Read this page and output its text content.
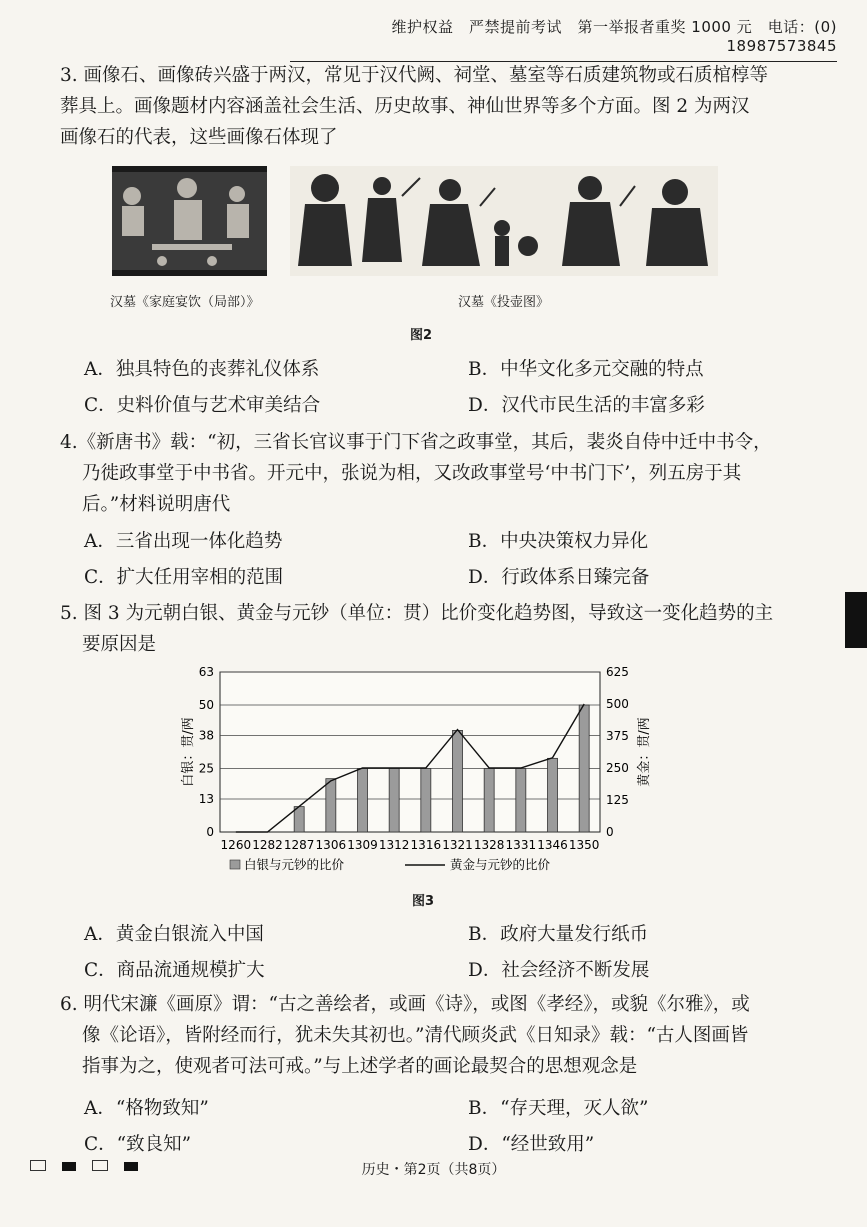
维护权益　严禁提前考试　第一举报者重奖 1000 元　电话：(0) 18987573845
3. 画像石、画像砖兴盛于两汉，常见于汉代阙、祠堂、墓室等石质建筑物或石质棺椁等
葬具上。画像题材内容涵盖社会生活、历史故事、神仙世界等多个方面。图 2 为两汉
画像石的代表，这些画像石体现了
汉墓《家庭宴饮（局部）》	汉墓《投壶图》
图2
A．独具特色的丧葬礼仪体系	B．中华文化多元交融的特点
C．史料价值与艺术审美结合	D．汉代市民生活的丰富多彩
4.《新唐书》载：“初，三省长官议事于门下省之政事堂，其后，裴炎自侍中迁中书令，
乃徙政事堂于中书省。开元中，张说为相，又改政事堂号‘中书门下’，列五房于其
后。”材料说明唐代
A．三省出现一体化趋势	B．中央决策权力异化
C．扩大任用宰相的范围	D．行政体系日臻完备
5. 图 3 为元朝白银、黄金与元钞（单位：贯）比价变化趋势图，导致这一变化趋势的主
要原因是
0
13
25
38
50
63
0
125
250
375
500
625
白银：贯/两	黄金：贯/两
1260 1282 1287 1306 1309 1312 1316 1321 1328 1331 1346 1350
白银与元钞的比价	黄金与元钞的比价
图3
A．黄金白银流入中国	B．政府大量发行纸币
C．商品流通规模扩大	D．社会经济不断发展
6. 明代宋濂《画原》谓：“古之善绘者，或画《诗》，或图《孝经》，或貌《尔雅》，或
像《论语》，皆附经而行，犹未失其初也。”清代顾炎武《日知录》载：“古人图画皆
指事为之，使观者可法可戒。”与上述学者的画论最契合的思想观念是
A．“格物致知”	B．“存天理，灭人欲”
C．“致良知”	D．“经世致用”
历史・第2页（共8页）
